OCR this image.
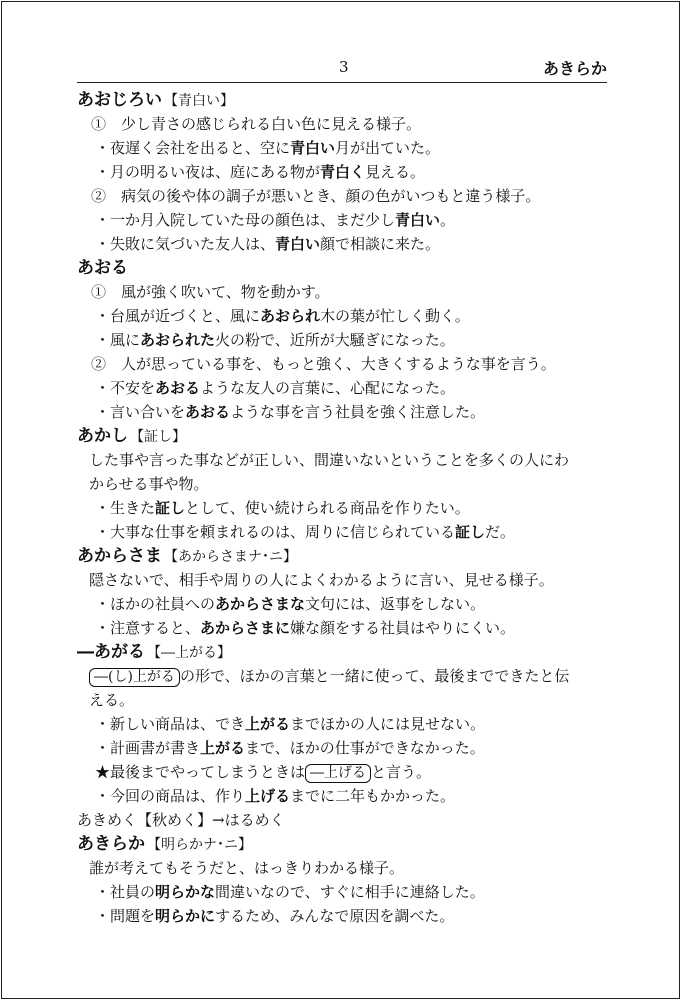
3	あきらか
あおじろい 【青白い】
①　少し青さの感じられる白い色に見える様子。
・夜遅く会社を出ると、空に青白い月が出ていた。
・月の明るい夜は、庭にある物が青白く見える。
②　病気の後や体の調子が悪いとき、顔の色がいつもと違う様子。
・一か月入院していた母の顔色は、まだ少し青白い。
・失敗に気づいた友人は、青白い顔で相談に来た。
あおる
①　風が強く吹いて、物を動かす。
・台風が近づくと、風にあおられ木の葉が忙しく動く。
・風にあおられた火の粉で、近所が大騒ぎになった。
②　人が思っている事を、もっと強く、大きくするような事を言う。
・不安をあおるような友人の言葉に、心配になった。
・言い合いをあおるような事を言う社員を強く注意した。
あかし 【証し】
した事や言った事などが正しい、間違いないということを多くの人にわ
からせる事や物。
・生きた証しとして、使い続けられる商品を作りたい。
・大事な仕事を頼まれるのは、周りに信じられている証しだ。
あからさま 【あからさまナ･ニ】
隠さないで、相手や周りの人によくわかるように言い、見せる様子。
・ほかの社員へのあからさまな文句には、返事をしない。
・注意すると、あからさまに嫌な顔をする社員はやりにくい。
―あがる 【―上がる】
―(し)上がる の形で、ほかの言葉と一緒に使って、最後までできたと伝
える。
・新しい商品は、でき上がるまでほかの人には見せない。
・計画書が書き上がるまで、ほかの仕事ができなかった。
★最後までやってしまうときは ―上げる と言う。
・今回の商品は、作り上げるまでに二年もかかった。
あきめく【秋めく】→はるめく
あきらか 【明らかナ･ニ】
誰が考えてもそうだと、はっきりわかる様子。
・社員の明らかな間違いなので、すぐに相手に連絡した。
・問題を明らかにするため、みんなで原因を調べた。
